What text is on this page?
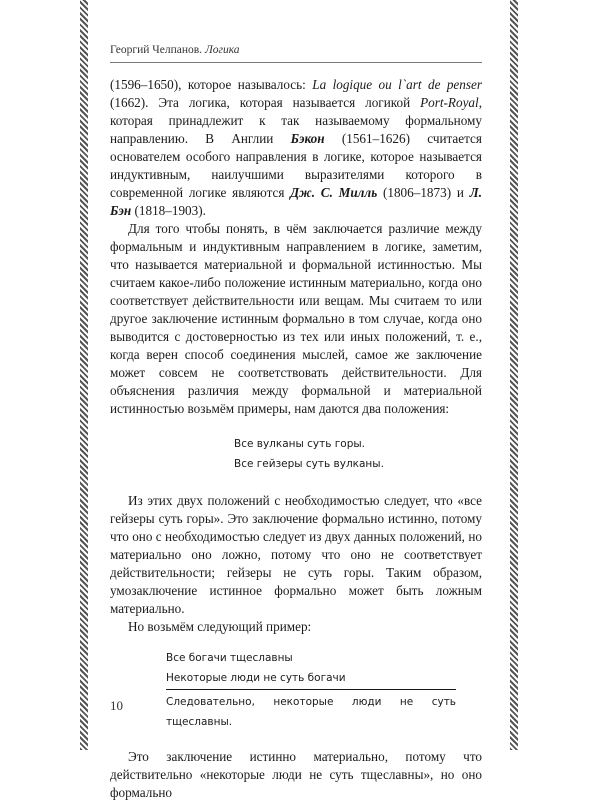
Георгий Челпанов. Логика

(1596–1650), которое называлось: La logique ou l`art de penser (1662). Эта логика, которая называется логикой Port-Royal, которая принадлежит к так называемому формальному направлению. В Англии Бэкон (1561–1626) считается основателем особого направления в логике, которое называется индуктивным, наилучшими выразителями которого в современной логике являются Дж. С. Милль (1806–1873) и Л. Бэн (1818–1903).

Для того чтобы понять, в чём заключается различие между формальным и индуктивным направлением в логике, заметим, что называется материальной и формальной истинностью. Мы считаем какое-либо положение истинным материально, когда оно соответствует действительности или вещам. Мы считаем то или другое заключение истинным формально в том случае, когда оно выводится с достоверностью из тех или иных положений, т. е., когда верен способ соединения мыслей, самое же заключение может совсем не соответствовать действительности. Для объяснения различия между формальной и материальной истинностью возьмём примеры, нам даются два положения:

Все вулканы суть горы.
Все гейзеры суть вулканы.

Из этих двух положений с необходимостью следует, что «все гейзеры суть горы». Это заключение формально истинно, потому что оно с необходимостью следует из двух данных положений, но материально оно ложно, потому что оно не соответствует действительности; гейзеры не суть горы. Таким образом, умозаключение истинное формально может быть ложным материально.

Но возьмём следующий пример:

Все богачи тщеславны
Некоторые люди не суть богачи
Следовательно, некоторые люди не суть тщеславны.

Это заключение истинно материально, потому что действительно «некоторые люди не суть тщеславны», но оно формально

10
